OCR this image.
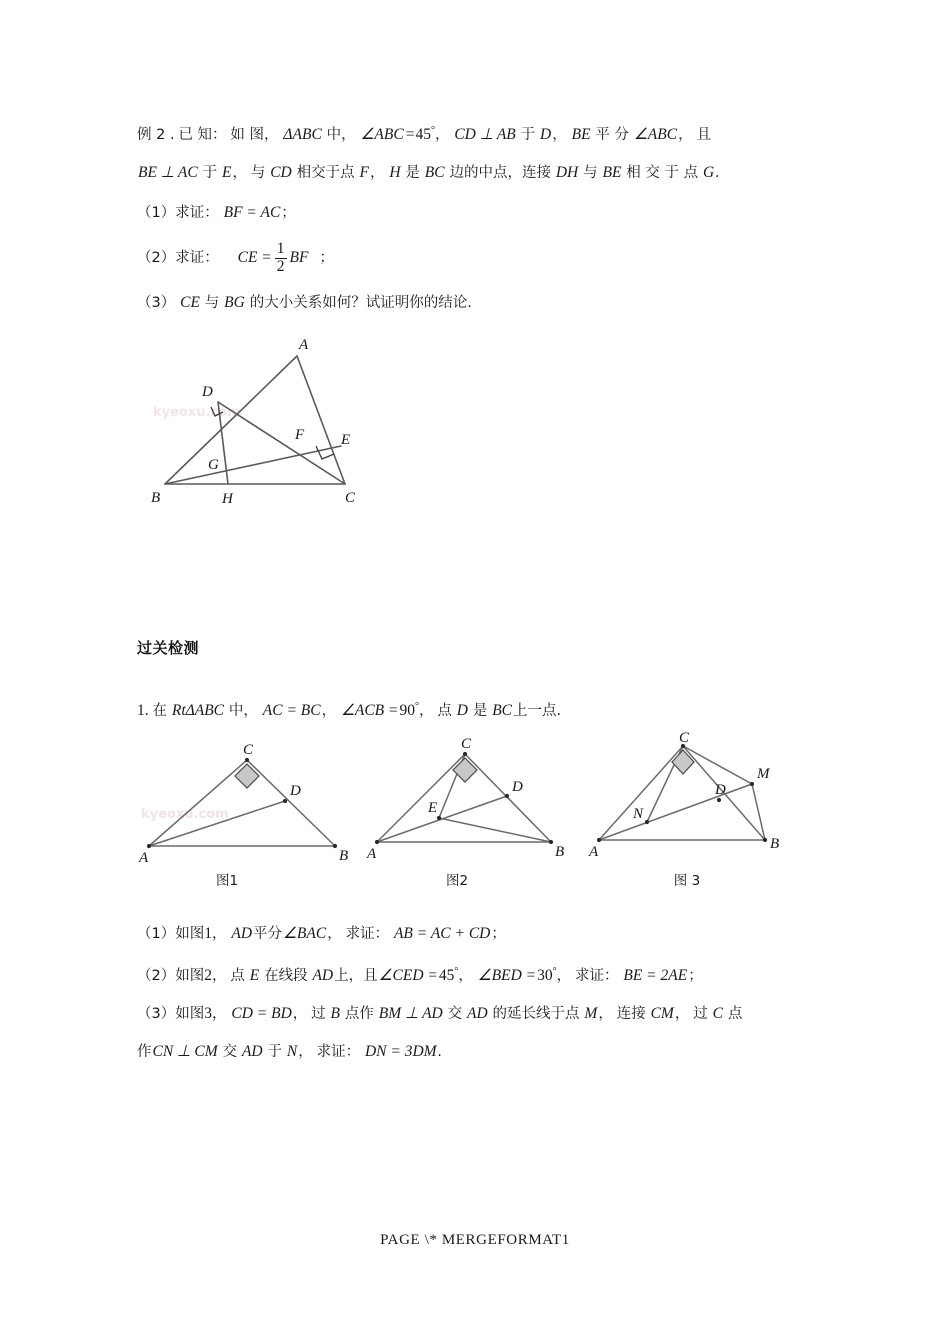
例 2 . 已 知： 如 图， ΔABC 中， ∠ABC =45°， CD ⊥ AB 于 D， BE 平 分 ∠ABC， 且
BE ⊥ AC 于 E， 与 CD 相交于点 F， H 是 BC 边的中点，连接 DH 与 BE 相 交 于 点 G.
（1）求证： BF = AC；
（2）求证： CE = $\frac{1}{2}$ BF ；
（3） CE 与 BG 的大小关系如何？试证明你的结论.
kyeoxu.com
A
D
F E
G
B	H	C
过关检测
1. 在 RtΔABC 中， AC = BC， ∠ACB =90°， 点 D 是 BC上一点.
kyeoxu.com
A	B
C
D
图1
A	B
C
D
E
图2
A	B
C
M
D
N
图 3
（1）如图1， AD平分∠BAC， 求证： AB = AC + CD；
（2）如图2， 点 E 在线段 AD上，且∠CED =45°， ∠BED =30°， 求证： BE = 2AE；
（3）如图3， CD = BD， 过 B 点作 BM ⊥ AD 交 AD 的延长线于点 M， 连接 CM， 过 C 点
作CN ⊥ CM 交 AD 于 N， 求证： DN = 3DM.
PAGE \* MERGEFORMAT1
